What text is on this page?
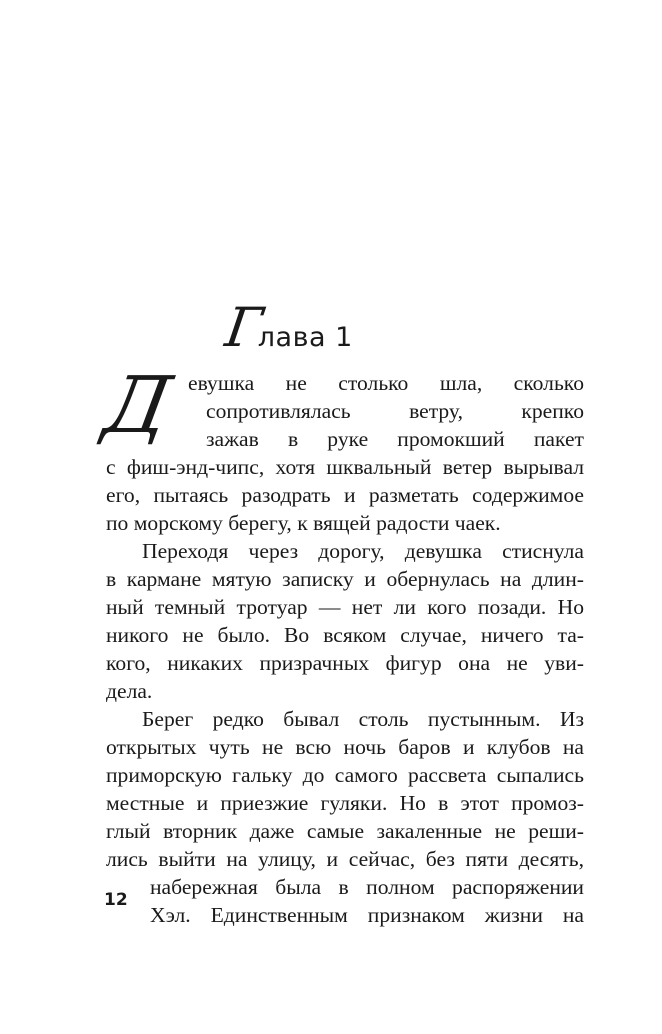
Глава 1
Д евушка не столько шла, сколько
сопротивлялась ветру, крепко
зажав в руке промокший пакет
с фиш-энд-чипс, хотя шквальный ветер вырывал
его, пытаясь разодрать и разметать содержимое
по морскому берегу, к вящей радости чаек.
Переходя через дорогу, девушка стиснула
в кармане мятую записку и обернулась на длин-
ный темный тротуар — нет ли кого позади. Но
никого не было. Во всяком случае, ничего та-
кого, никаких призрачных фигур она не уви-
дела.
Берег редко бывал столь пустынным. Из
открытых чуть не всю ночь баров и клубов на
приморскую гальку до самого рассвета сыпались
местные и приезжие гуляки. Но в этот промоз-
глый вторник даже самые закаленные не реши-
лись выйти на улицу, и сейчас, без пяти десять,
набережная была в полном распоряжении
Хэл. Единственным признаком жизни на
12
